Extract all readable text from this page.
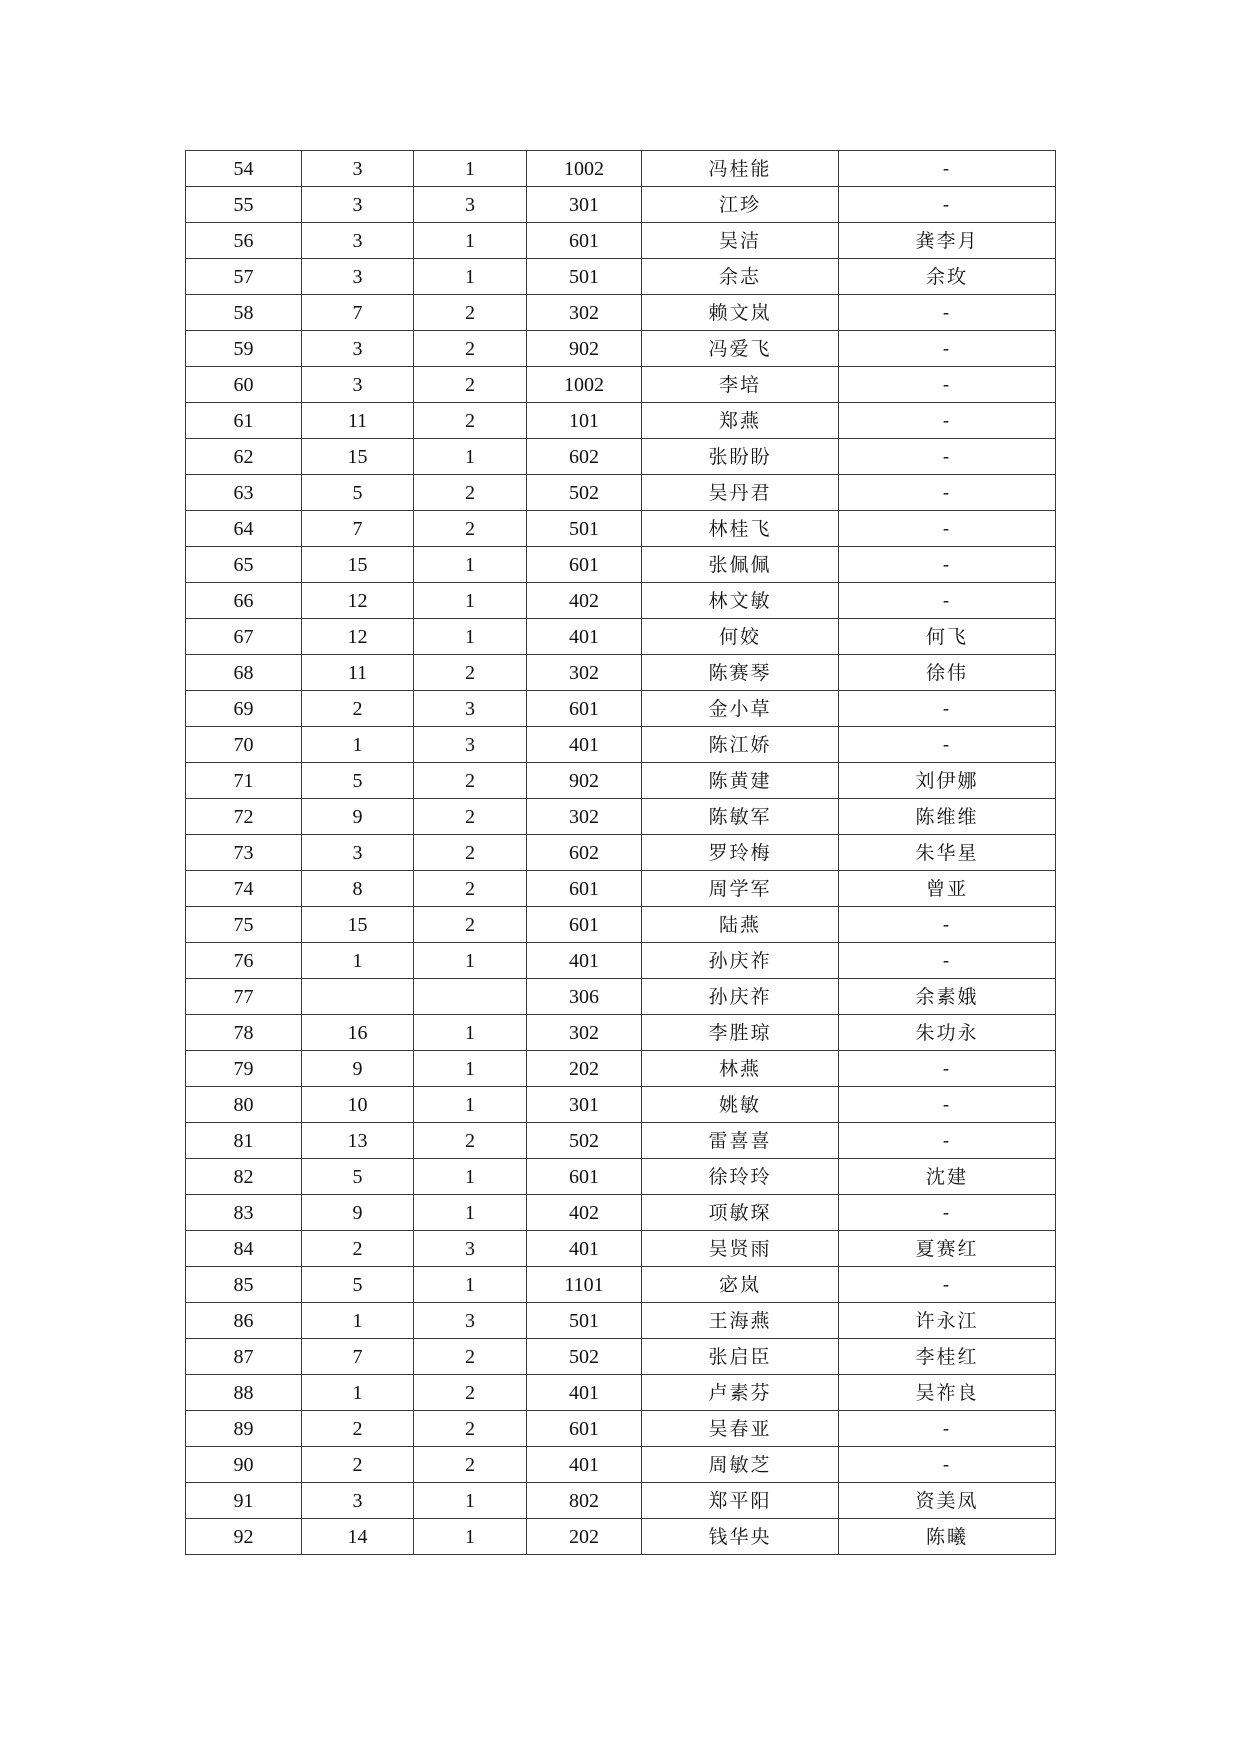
54	3	1	1002	冯桂能	-
55	3	3	301	江珍	-
56	3	1	601	吴洁	龚李月
57	3	1	501	余志	余玫
58	7	2	302	赖文岚	-
59	3	2	902	冯爱飞	-
60	3	2	1002	李培	-
61	11	2	101	郑燕	-
62	15	1	602	张盼盼	-
63	5	2	502	吴丹君	-
64	7	2	501	林桂飞	-
65	15	1	601	张佩佩	-
66	12	1	402	林文敏	-
67	12	1	401	何姣	何飞
68	11	2	302	陈赛琴	徐伟
69	2	3	601	金小草	-
70	1	3	401	陈江娇	-
71	5	2	902	陈黄建	刘伊娜
72	9	2	302	陈敏军	陈维维
73	3	2	602	罗玲梅	朱华星
74	8	2	601	周学军	曾亚
75	15	2	601	陆燕	-
76	1	1	401	孙庆祚	-
77			306	孙庆祚	余素娥
78	16	1	302	李胜琼	朱功永
79	9	1	202	林燕	-
80	10	1	301	姚敏	-
81	13	2	502	雷喜喜	-
82	5	1	601	徐玲玲	沈建
83	9	1	402	项敏琛	-
84	2	3	401	吴贤雨	夏赛红
85	5	1	1101	宓岚	-
86	1	3	501	王海燕	许永江
87	7	2	502	张启臣	李桂红
88	1	2	401	卢素芬	吴祚良
89	2	2	601	吴春亚	-
90	2	2	401	周敏芝	-
91	3	1	802	郑平阳	资美凤
92	14	1	202	钱华央	陈曦
